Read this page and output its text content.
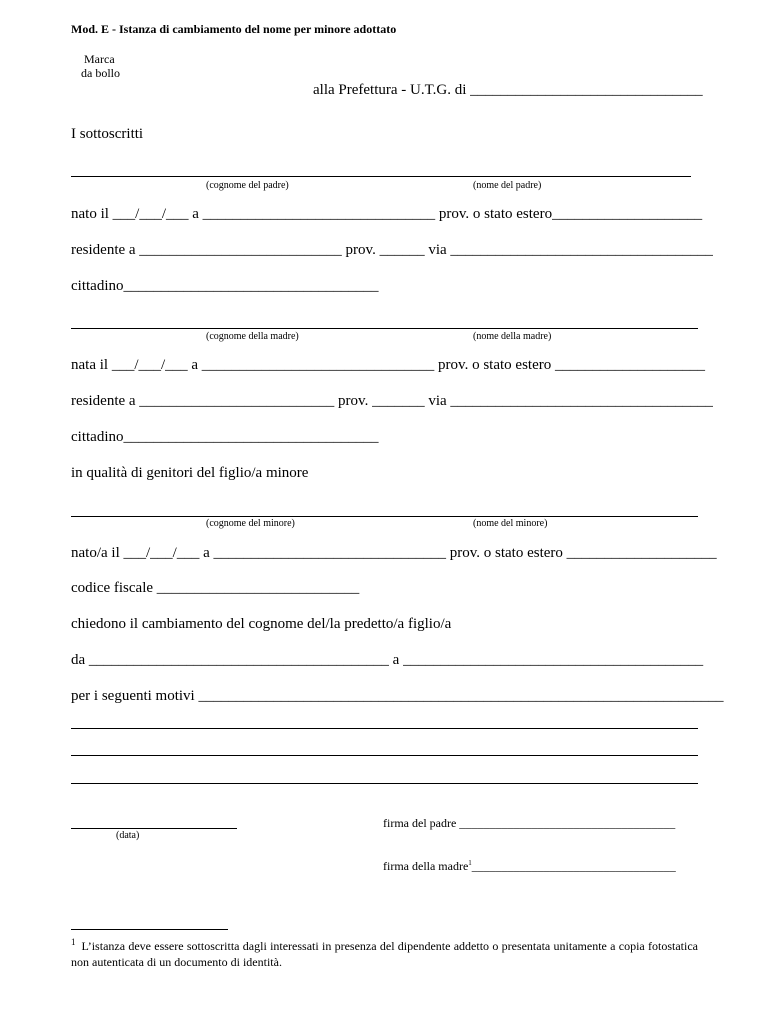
Mod. E - Istanza di cambiamento del nome per minore adottato
Marca
da bollo
alla Prefettura - U.T.G. di _______________________________
I sottoscritti
(cognome del padre)	(nome del padre)
nato il ___/___/___ a _______________________________ prov. o stato estero____________________
residente a ___________________________ prov. ______ via ___________________________________
cittadino__________________________________
(cognome della madre)	(nome della madre)
nata il ___/___/___ a _______________________________ prov. o stato estero ____________________
residente a __________________________ prov. _______ via ___________________________________
cittadino__________________________________
in qualità di genitori del figlio/a minore
(cognome del minore)	(nome del minore)
nato/a il ___/___/___ a _______________________________ prov. o stato estero ____________________
codice fiscale ___________________________
chiedono il cambiamento del cognome del/la predetto/a figlio/a
da ________________________________________ a ________________________________________
per i seguenti motivi ______________________________________________________________________
(data)
firma del padre ____________________________________
firma della madre$^1$__________________________________
$^1$ L’istanza deve essere sottoscritta dagli interessati in presenza del dipendente addetto o presentata unitamente a copia fotostatica non autenticata di un documento di identità.
